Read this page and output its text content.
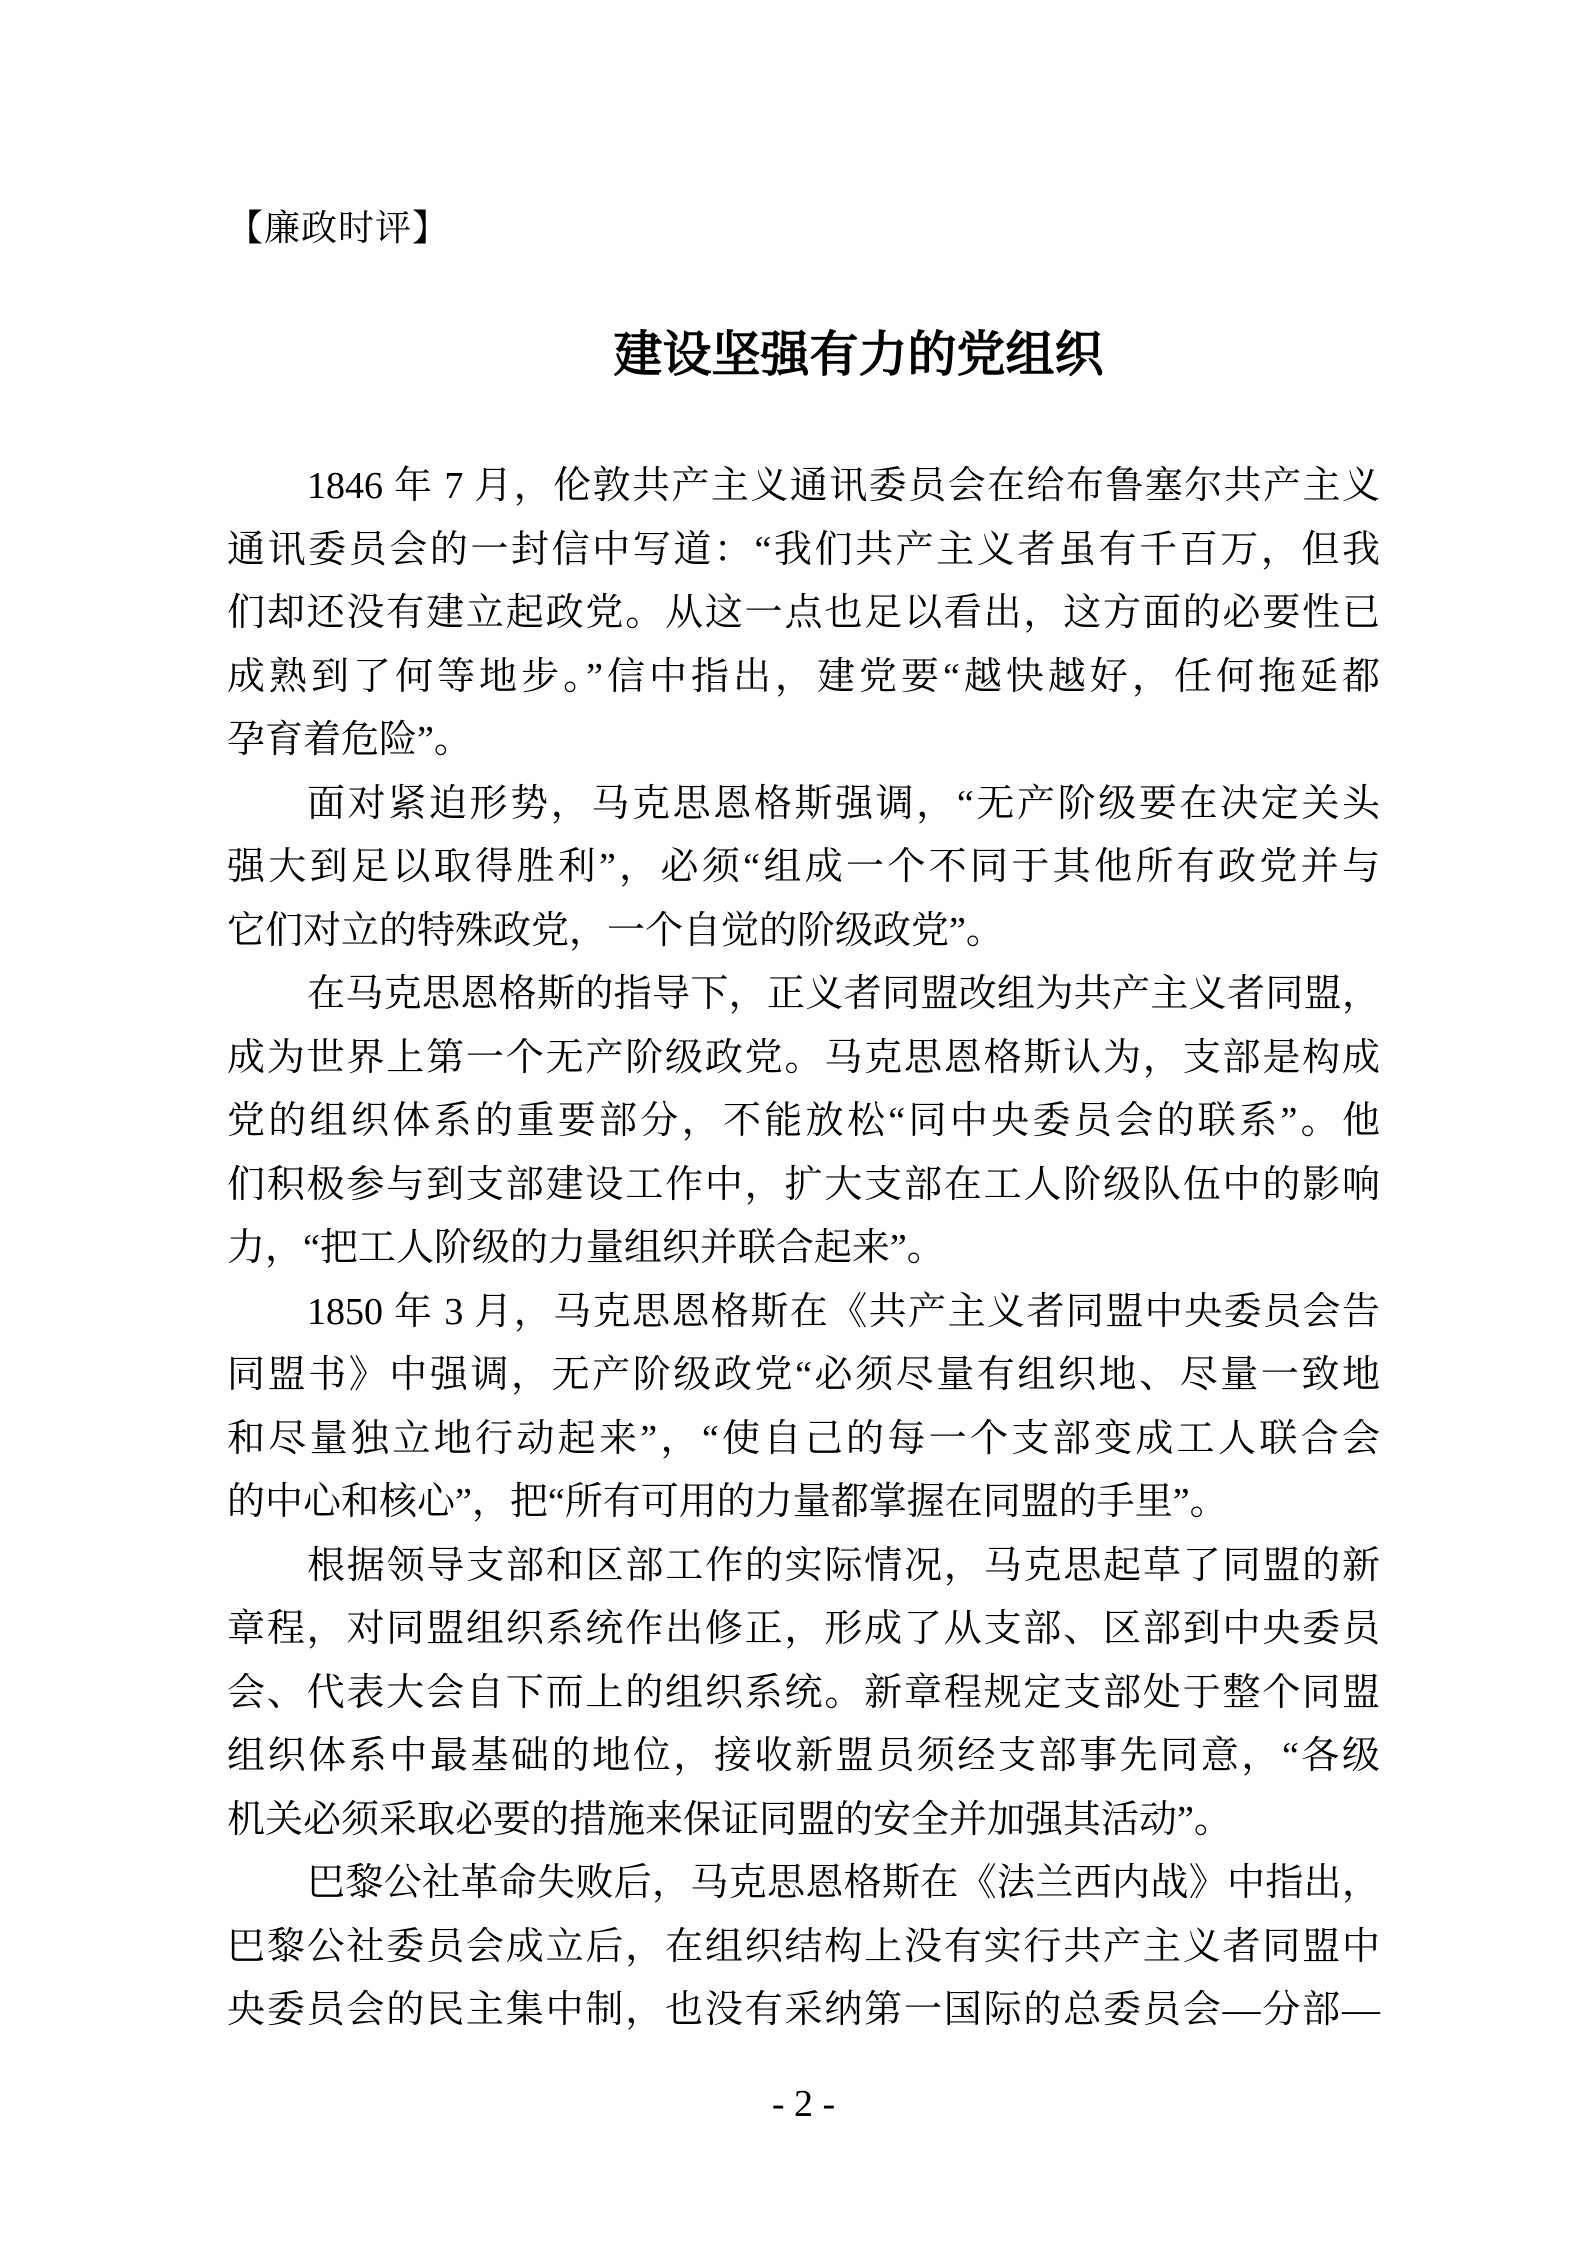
【廉政时评】
建设坚强有力的党组织

1846 年 7 月，伦敦共产主义通讯委员会在给布鲁塞尔共产主义
通讯委员会的一封信中写道：“我们共产主义者虽有千百万，但我
们却还没有建立起政党。从这一点也足以看出，这方面的必要性已
成熟到了何等地步。”信中指出，建党要“越快越好，任何拖延都
孕育着危险”。

面对紧迫形势，马克思恩格斯强调，“无产阶级要在决定关头
强大到足以取得胜利”，必须“组成一个不同于其他所有政党并与
它们对立的特殊政党，一个自觉的阶级政党”。

在马克思恩格斯的指导下，正义者同盟改组为共产主义者同盟，
成为世界上第一个无产阶级政党。马克思恩格斯认为，支部是构成
党的组织体系的重要部分，不能放松“同中央委员会的联系”。他
们积极参与到支部建设工作中，扩大支部在工人阶级队伍中的影响
力，“把工人阶级的力量组织并联合起来”。

1850 年 3 月，马克思恩格斯在《共产主义者同盟中央委员会告
同盟书》中强调，无产阶级政党“必须尽量有组织地、尽量一致地
和尽量独立地行动起来”，“使自己的每一个支部变成工人联合会
的中心和核心”，把“所有可用的力量都掌握在同盟的手里”。

根据领导支部和区部工作的实际情况，马克思起草了同盟的新
章程，对同盟组织系统作出修正，形成了从支部、区部到中央委员
会、代表大会自下而上的组织系统。新章程规定支部处于整个同盟
组织体系中最基础的地位，接收新盟员须经支部事先同意，“各级
机关必须采取必要的措施来保证同盟的安全并加强其活动”。

巴黎公社革命失败后，马克思恩格斯在《法兰西内战》中指出，
巴黎公社委员会成立后，在组织结构上没有实行共产主义者同盟中
央委员会的民主集中制，也没有采纳第一国际的总委员会—分部—

- 2 -
